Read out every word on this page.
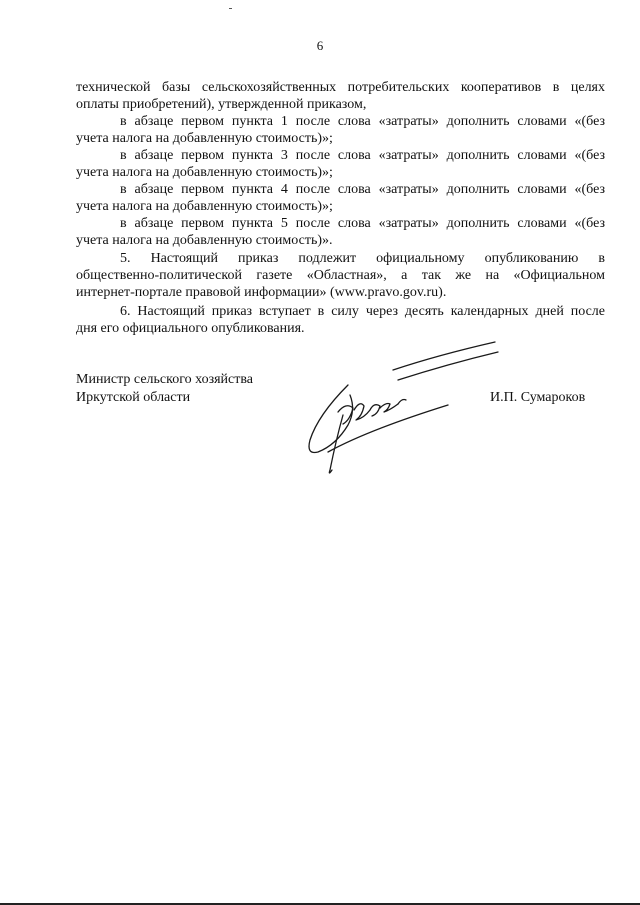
6
технической базы сельскохозяйственных потребительских кооперативов в целях
оплаты приобретений), утвержденной приказом,
в абзаце первом пункта 1 после слова «затраты» дополнить словами «(без
учета налога на добавленную стоимость)»;
в абзаце первом пункта 3 после слова «затраты» дополнить словами «(без
учета налога на добавленную стоимость)»;
в абзаце первом пункта 4 после слова «затраты» дополнить словами «(без
учета налога на добавленную стоимость)»;
в абзаце первом пункта 5 после слова «затраты» дополнить словами «(без
учета налога на добавленную стоимость)».
5. Настоящий приказ подлежит официальному опубликованию в
общественно-политической газете «Областная», а так же на «Официальном
интернет-портале правовой информации» (www.pravo.gov.ru).
6. Настоящий приказ вступает в силу через десять календарных дней после
дня его официального опубликования.
Министр сельского хозяйства
Иркутской области	И.П. Сумароков
